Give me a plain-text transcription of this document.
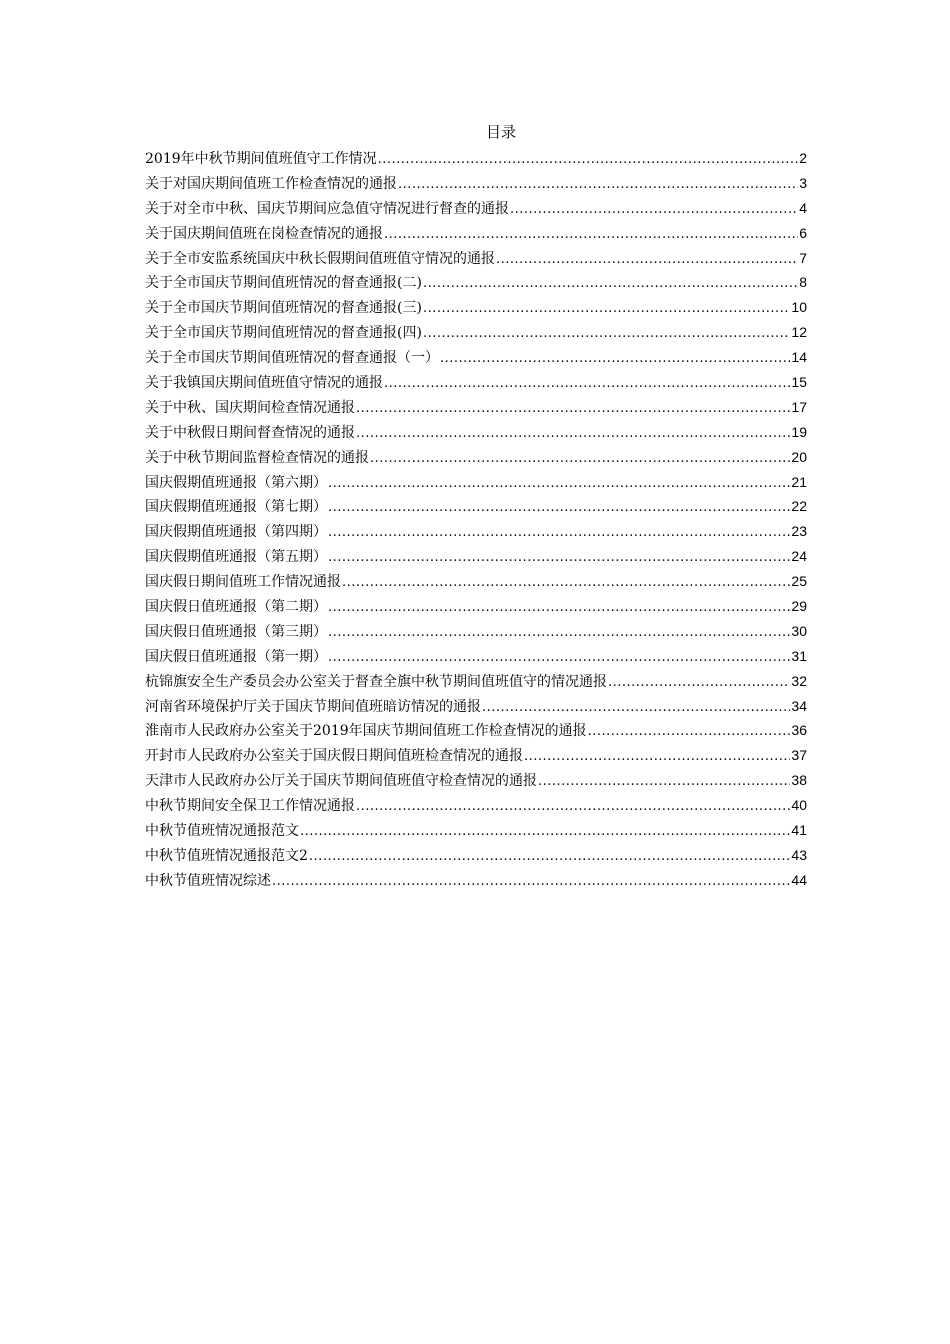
目录
2019年中秋节期间值班值守工作情况 .....	2
关于对国庆期间值班工作检查情况的通报 .....	3
关于对全市中秋、国庆节期间应急值守情况进行督查的通报 .....	4
关于国庆期间值班在岗检查情况的通报 .....	6
关于全市安监系统国庆中秋长假期间值班值守情况的通报 .....	7
关于全市国庆节期间值班情况的督查通报(二) .....	8
关于全市国庆节期间值班情况的督查通报(三) .....	10
关于全市国庆节期间值班情况的督查通报(四) .....	12
关于全市国庆节期间值班情况的督查通报（一） .....	14
关于我镇国庆期间值班值守情况的通报 .....	15
关于中秋、国庆期间检查情况通报 .....	17
关于中秋假日期间督查情况的通报 .....	19
关于中秋节期间监督检查情况的通报 .....	20
国庆假期值班通报（第六期） .....	21
国庆假期值班通报（第七期） .....	22
国庆假期值班通报（第四期） .....	23
国庆假期值班通报（第五期） .....	24
国庆假日期间值班工作情况通报 .....	25
国庆假日值班通报（第二期） .....	29
国庆假日值班通报（第三期） .....	30
国庆假日值班通报（第一期） .....	31
杭锦旗安全生产委员会办公室关于督查全旗中秋节期间值班值守的情况通报 .....	32
河南省环境保护厅关于国庆节期间值班暗访情况的通报 .....	34
淮南市人民政府办公室关于2019年国庆节期间值班工作检查情况的通报 .....	36
开封市人民政府办公室关于国庆假日期间值班检查情况的通报 .....	37
天津市人民政府办公厅关于国庆节期间值班值守检查情况的通报 .....	38
中秋节期间安全保卫工作情况通报 .....	40
中秋节值班情况通报范文 .....	41
中秋节值班情况通报范文2 .....	43
中秋节值班情况综述 .....	44
